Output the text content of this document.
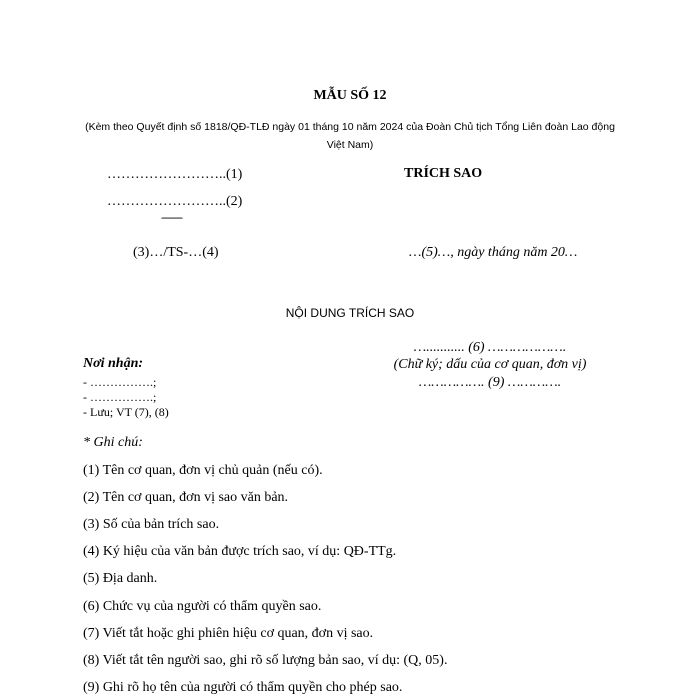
MẪU SỐ 12
(Kèm theo Quyết định số 1818/QĐ-TLĐ ngày 01 tháng 10 năm 2024 của Đoàn Chủ tịch Tổng Liên đoàn Lao động Việt Nam)
……………………..(1)
……………………..(2)
-------
(3)…/TS-…(4)
TRÍCH SAO
…(5)…, ngày tháng năm 20…
NỘI DUNG TRÍCH SAO
Nơi nhận:
- …………….;
- …………….;
- Lưu; VT (7), (8)
…........... (6) ……………….
(Chữ ký; dấu của cơ quan, đơn vị)
……………. (9) ………….
* Ghi chú:
(1) Tên cơ quan, đơn vị chủ quản (nếu có).
(2) Tên cơ quan, đơn vị sao văn bản.
(3) Số của bản trích sao.
(4) Ký hiệu của văn bản được trích sao, ví dụ: QĐ-TTg.
(5) Địa danh.
(6) Chức vụ của người có thẩm quyền sao.
(7) Viết tắt hoặc ghi phiên hiệu cơ quan, đơn vị sao.
(8) Viết tắt tên người sao, ghi rõ số lượng bản sao, ví dụ: (Q, 05).
(9) Ghi rõ họ tên của người có thẩm quyền cho phép sao.
